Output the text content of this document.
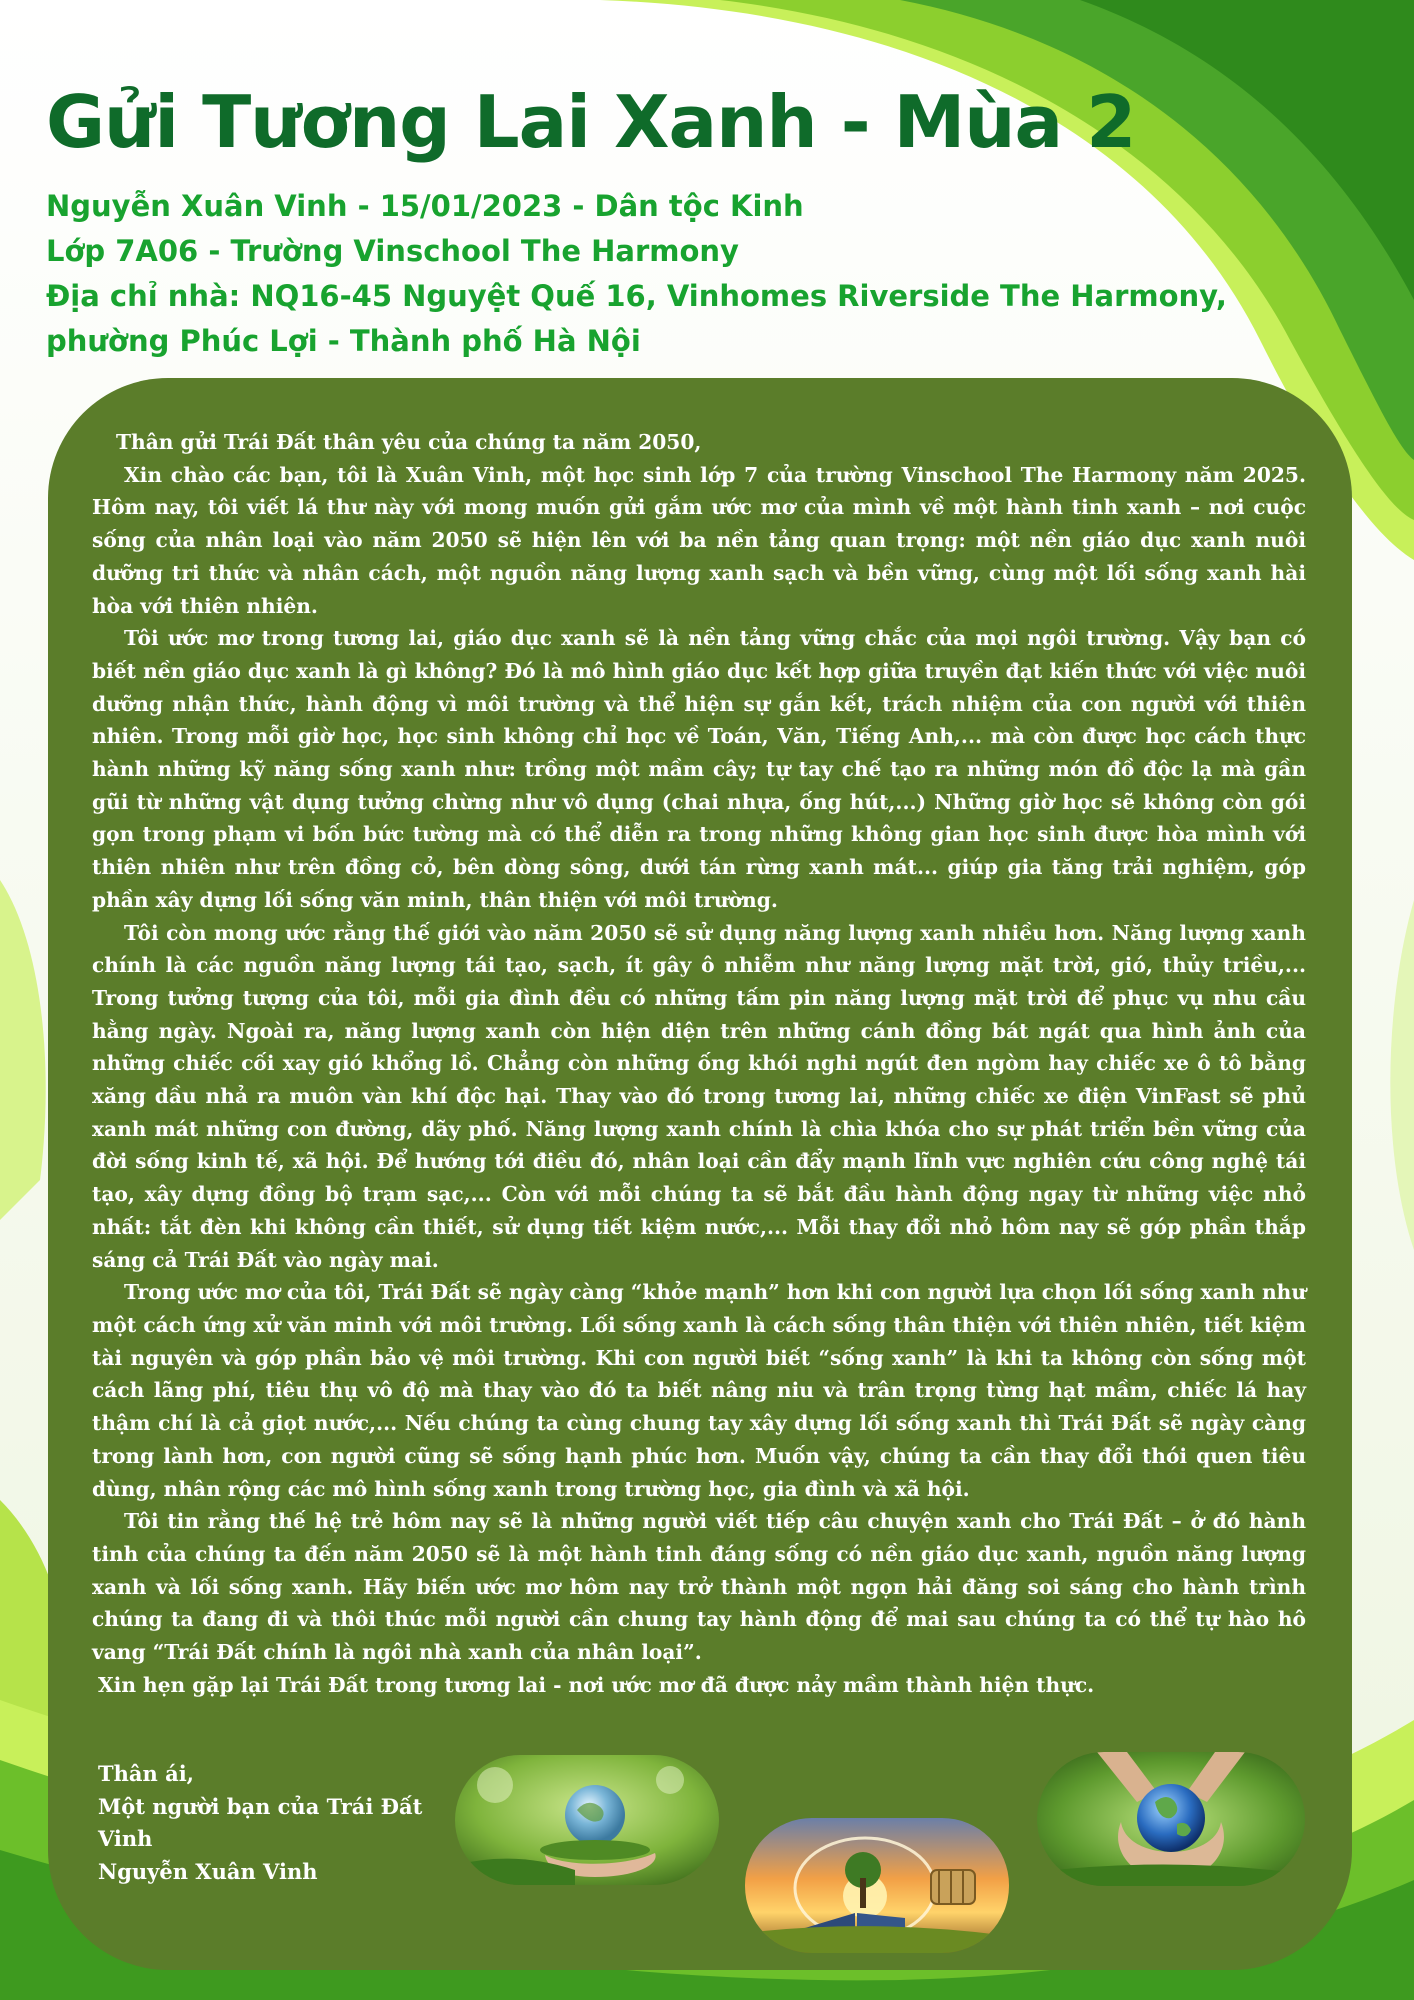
Gửi Tương Lai Xanh - Mùa 2
Nguyễn Xuân Vinh - 15/01/2023 - Dân tộc Kinh
Lớp 7A06 - Trường Vinschool The Harmony
Địa chỉ nhà: NQ16-45 Nguyệt Quế 16, Vinhomes Riverside The Harmony,
phường Phúc Lợi - Thành phố Hà Nội

Thân gửi Trái Đất thân yêu của chúng ta năm 2050,

Xin chào các bạn, tôi là Xuân Vinh, một học sinh lớp 7 của trường Vinschool The Harmony năm 2025. Hôm nay, tôi viết lá thư này với mong muốn gửi gắm ước mơ của mình về một hành tinh xanh – nơi cuộc sống của nhân loại vào năm 2050 sẽ hiện lên với ba nền tảng quan trọng: một nền giáo dục xanh nuôi dưỡng tri thức và nhân cách, một nguồn năng lượng xanh sạch và bền vững, cùng một lối sống xanh hài hòa với thiên nhiên.

Tôi ước mơ trong tương lai, giáo dục xanh sẽ là nền tảng vững chắc của mọi ngôi trường. Vậy bạn có biết nền giáo dục xanh là gì không? Đó là mô hình giáo dục kết hợp giữa truyền đạt kiến thức với việc nuôi dưỡng nhận thức, hành động vì môi trường và thể hiện sự gắn kết, trách nhiệm của con người với thiên nhiên. Trong mỗi giờ học, học sinh không chỉ học về Toán, Văn, Tiếng Anh,... mà còn được học cách thực hành những kỹ năng sống xanh như: trồng một mầm cây; tự tay chế tạo ra những món đồ độc lạ mà gần gũi từ những vật dụng tưởng chừng như vô dụng (chai nhựa, ống hút,...) Những giờ học sẽ không còn gói gọn trong phạm vi bốn bức tường mà có thể diễn ra trong những không gian học sinh được hòa mình với thiên nhiên như trên đồng cỏ, bên dòng sông, dưới tán rừng xanh mát... giúp gia tăng trải nghiệm, góp phần xây dựng lối sống văn minh, thân thiện với môi trường.

Tôi còn mong ước rằng thế giới vào năm 2050 sẽ sử dụng năng lượng xanh nhiều hơn. Năng lượng xanh chính là các nguồn năng lượng tái tạo, sạch, ít gây ô nhiễm như năng lượng mặt trời, gió, thủy triều,... Trong tưởng tượng của tôi, mỗi gia đình đều có những tấm pin năng lượng mặt trời để phục vụ nhu cầu hằng ngày. Ngoài ra, năng lượng xanh còn hiện diện trên những cánh đồng bát ngát qua hình ảnh của những chiếc cối xay gió khổng lồ. Chẳng còn những ống khói nghi ngút đen ngòm hay chiếc xe ô tô bằng xăng dầu nhả ra muôn vàn khí độc hại. Thay vào đó trong tương lai, những chiếc xe điện VinFast sẽ phủ xanh mát những con đường, dãy phố. Năng lượng xanh chính là chìa khóa cho sự phát triển bền vững của đời sống kinh tế, xã hội. Để hướng tới điều đó, nhân loại cần đẩy mạnh lĩnh vực nghiên cứu công nghệ tái tạo, xây dựng đồng bộ trạm sạc,... Còn với mỗi chúng ta sẽ bắt đầu hành động ngay từ những việc nhỏ nhất: tắt đèn khi không cần thiết, sử dụng tiết kiệm nước,... Mỗi thay đổi nhỏ hôm nay sẽ góp phần thắp sáng cả Trái Đất vào ngày mai.

Trong ước mơ của tôi, Trái Đất sẽ ngày càng “khỏe mạnh” hơn khi con người lựa chọn lối sống xanh như một cách ứng xử văn minh với môi trường. Lối sống xanh là cách sống thân thiện với thiên nhiên, tiết kiệm tài nguyên và góp phần bảo vệ môi trường. Khi con người biết “sống xanh” là khi ta không còn sống một cách lãng phí, tiêu thụ vô độ mà thay vào đó ta biết nâng niu và trân trọng từng hạt mầm, chiếc lá hay thậm chí là cả giọt nước,... Nếu chúng ta cùng chung tay xây dựng lối sống xanh thì Trái Đất sẽ ngày càng trong lành hơn, con người cũng sẽ sống hạnh phúc hơn. Muốn vậy, chúng ta cần thay đổi thói quen tiêu dùng, nhân rộng các mô hình sống xanh trong trường học, gia đình và xã hội.

Tôi tin rằng thế hệ trẻ hôm nay sẽ là những người viết tiếp câu chuyện xanh cho Trái Đất – ở đó hành tinh của chúng ta đến năm 2050 sẽ là một hành tinh đáng sống có nền giáo dục xanh, nguồn năng lượng xanh và lối sống xanh. Hãy biến ước mơ hôm nay trở thành một ngọn hải đăng soi sáng cho hành trình chúng ta đang đi và thôi thúc mỗi người cần chung tay hành động để mai sau chúng ta có thể tự hào hô vang “Trái Đất chính là ngôi nhà xanh của nhân loại”.

Xin hẹn gặp lại Trái Đất trong tương lai - nơi ước mơ đã được nảy mầm thành hiện thực.

Thân ái,
Một người bạn của Trái Đất
Vinh
Nguyễn Xuân Vinh
